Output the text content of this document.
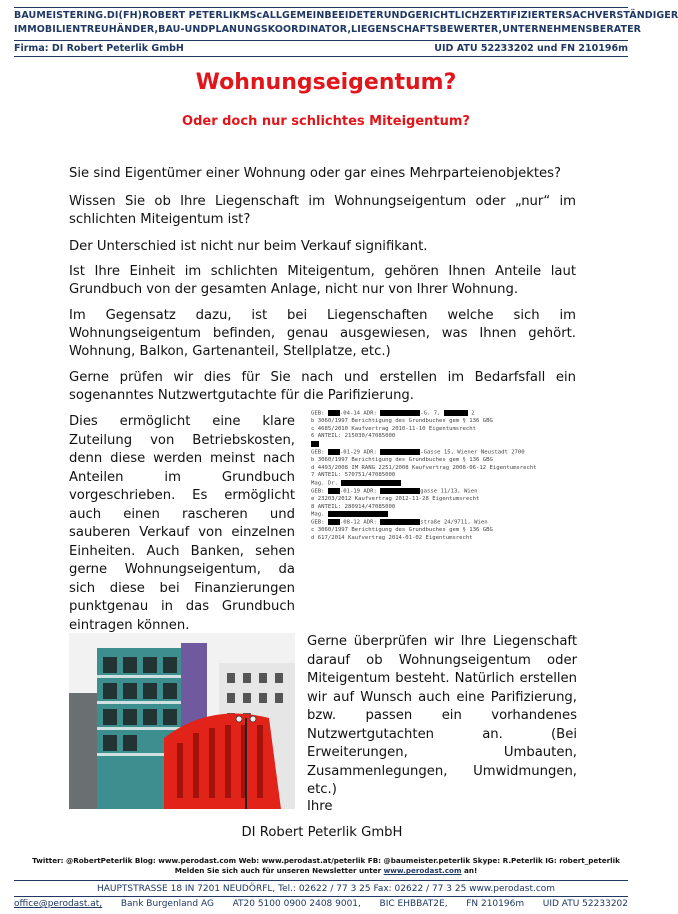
BAUMEISTER ING. DI(FH) ROBERT PETERLIK MSc ALLGEMEIN BEEIDETER UND GERICHTLICH ZERTIFIZIERTER SACHVERSTÄNDIGER
IMMOBILIENTREUHÄNDER, BAU- UND PLANUNGSKOORDINATOR, LIEGENSCHAFTSBEWERTER, UNTERNEHMENSBERATER
Firma: DI Robert Peterlik GmbH	UID ATU 52233202 und FN 210196m
Wohnungseigentum?
Oder doch nur schlichtes Miteigentum?
Sie sind Eigentümer einer Wohnung oder gar eines Mehrparteienobjektes?
Wissen Sie ob Ihre Liegenschaft im Wohnungseigentum oder „nur“ im schlichten Miteigentum ist?
Der Unterschied ist nicht nur beim Verkauf signifikant.
Ist Ihre Einheit im schlichten Miteigentum, gehören Ihnen Anteile laut Grundbuch von der gesamten Anlage, nicht nur von Ihrer Wohnung.
Im Gegensatz dazu, ist bei Liegenschaften welche sich im Wohnungseigentum befinden, genau ausgewiesen, was Ihnen gehört. Wohnung, Balkon, Gartenanteil, Stellplatze, etc.)
Gerne prüfen wir dies für Sie nach und erstellen im Bedarfsfall ein sogenanntes Nutzwertgutachte für die Parifizierung.
Dies ermöglicht eine klare Zuteilung von Betriebskosten, denn diese werden meinst nach Anteilen im Grundbuch vorgeschrieben. Es ermöglicht auch einen rascheren und sauberen Verkauf von einzelnen Einheiten. Auch Banken, sehen gerne Wohnungseigentum, da sich diese bei Finanzierungen punktgenau in das Grundbuch eintragen können.
GEB: -04-14 ADR:	-G. 7,	2
b 3060/1997 Berichtigung des Grundbuches gem § 136 GBG
c 4685/2010 Kaufvertrag 2010-11-10 Eigentumsrecht
6 ANTEIL: 215030/47085000
GEB: -01-29 ADR:	-Gasse 15, Wiener Neustadt 2700
b 3060/1997 Berichtigung des Grundbuches gem § 136 GBG
d 4493/2008 IM RANG 2251/2008 Kaufvertrag 2008-06-12 Eigentumsrecht
7 ANTEIL: 570751/47085000
Mag. Dr.
GEB: -01-19 ADR:	gasse 11/13, Wien
e 23203/2012 Kaufvertrag 2012-11-28 Eigentumsrecht
8 ANTEIL: 280914/47085000
Mag.
GEB: -08-12 ADR:	straße 24/9711, Wien
c 3060/1997 Berichtigung des Grundbuches gem § 136 GBG
d 617/2014 Kaufvertrag 2014-01-02 Eigentumsrecht
Gerne überprüfen wir Ihre Liegenschaft darauf ob Wohnungseigentum oder Miteigentum besteht. Natürlich erstellen wir auf Wunsch auch eine Parifizierung, bzw. passen ein vorhandenes Nutzwertgutachten an. (Bei Erweiterungen, Umbauten, Zusammenlegungen, Umwidmungen, etc.)
Ihre
DI Robert Peterlik GmbH
Twitter: @RobertPeterlik Blog: www.perodast.com Web: www.perodast.at/peterlik FB: @baumeister.peterlik Skype: R.Peterlik IG: robert_peterlik
Melden Sie sich auch für unseren Newsletter unter www.perodast.com an!
HAUPTSTRASSE 18 IN 7201 NEUDÖRFL, Tel.: 02622 / 77 3 25 Fax: 02622 / 77 3 25 www.perodast.com
office@perodast.at, Bank Burgenland AG AT20 5100 0900 2408 9001, BIC EHBBAT2E, FN 210196m UID ATU 52233202
